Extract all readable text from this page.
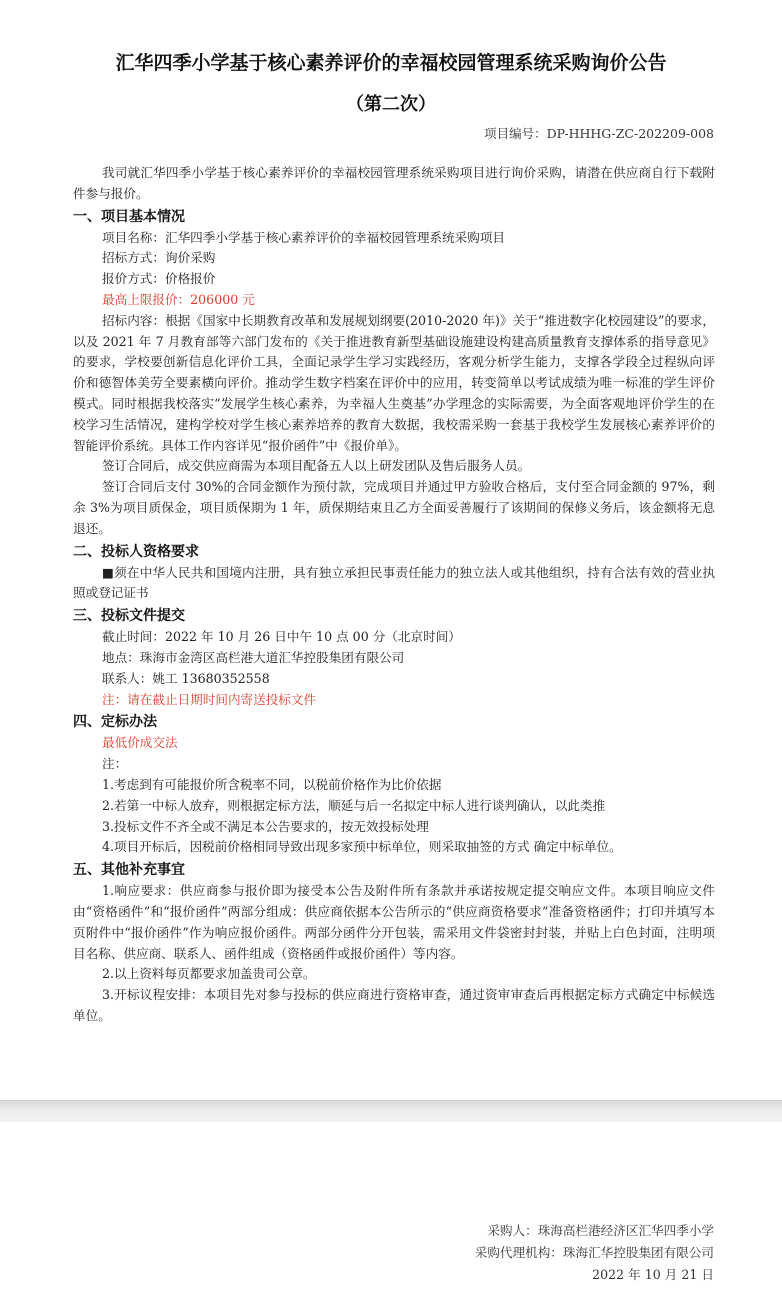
汇华四季小学基于核心素养评价的幸福校园管理系统采购询价公告
（第二次）
项目编号：DP-HHHG-ZC-202209-008

我司就汇华四季小学基于核心素养评价的幸福校园管理系统采购项目进行询价采购，请潜在供应商自行下载附件参与报价。

一、项目基本情况

项目名称：汇华四季小学基于核心素养评价的幸福校园管理系统采购项目

招标方式：询价采购

报价方式：价格报价

最高上限报价：206000 元

招标内容：根据《国家中长期教育改革和发展规划纲要(2010-2020 年)》关于“推进数字化校园建设”的要求，以及 2021 年 7 月教育部等六部门发布的《关于推进教育新型基础设施建设构建高质量教育支撑体系的指导意见》的要求，学校要创新信息化评价工具，全面记录学生学习实践经历，客观分析学生能力，支撑各学段全过程纵向评价和德智体美劳全要素横向评价。推动学生数字档案在评价中的应用，转变简单以考试成绩为唯一标准的学生评价模式。同时根据我校落实“发展学生核心素养，为幸福人生奠基”办学理念的实际需要，为全面客观地评价学生的在校学习生活情况，建构学校对学生核心素养培养的教育大数据，我校需采购一套基于我校学生发展核心素养评价的智能评价系统。具体工作内容详见“报价函件”中《报价单》。

签订合同后，成交供应商需为本项目配备五人以上研发团队及售后服务人员。

签订合同后支付 30%的合同金额作为预付款，完成项目并通过甲方验收合格后，支付至合同金额的 97%，剩余 3%为项目质保金，项目质保期为 1 年，质保期结束且乙方全面妥善履行了该期间的保修义务后，该金额将无息退还。

二、投标人资格要求

■须在中华人民共和国境内注册，具有独立承担民事责任能力的独立法人或其他组织，持有合法有效的营业执照或登记证书

三、投标文件提交

截止时间：2022 年 10 月 26 日中午 10 点 00 分（北京时间）

地点：珠海市金湾区高栏港大道汇华控股集团有限公司

联系人：姚工 13680352558

注：请在截止日期时间内寄送投标文件

四、定标办法

最低价成交法

注：

1.考虑到有可能报价所含税率不同，以税前价格作为比价依据

2.若第一中标人放弃，则根据定标方法，顺延与后一名拟定中标人进行谈判确认，以此类推

3.投标文件不齐全或不满足本公告要求的，按无效投标处理

4.项目开标后，因税前价格相同导致出现多家预中标单位，则采取抽签的方式 确定中标单位。

五、其他补充事宜

1.响应要求：供应商参与报价即为接受本公告及附件所有条款并承诺按规定提交响应文件。本项目响应文件由“资格函件”和“报价函件”两部分组成：供应商依据本公告所示的“供应商资格要求”准备资格函件；打印并填写本页附件中“报价函件”作为响应报价函件。两部分函件分开包装，需采用文件袋密封封装，并贴上白色封面，注明项目名称、供应商、联系人、函件组成（资格函件或报价函件）等内容。

2.以上资料每页都要求加盖贵司公章。

3.开标议程安排：本项目先对参与投标的供应商进行资格审查，通过资审审查后再根据定标方式确定中标候选单位。

采购人：珠海高栏港经济区汇华四季小学
采购代理机构：珠海汇华控股集团有限公司
2022 年 10 月 21 日
